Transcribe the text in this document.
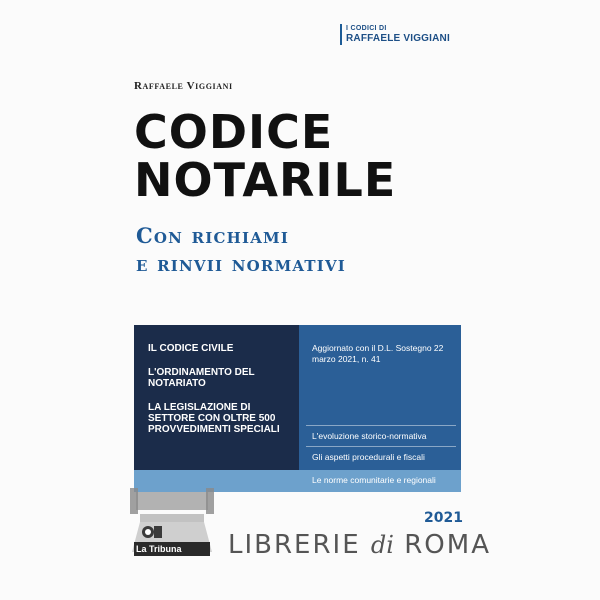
I CODICI DI
RAFFAELE VIGGIANI
Raffaele Viggiani
CODICE
NOTARILE
Con richiami
e rinvii normativi
IL CODICE CIVILE
L'ORDINAMENTO DEL NOTARIATO
LA LEGISLAZIONE DI SETTORE CON OLTRE 500 PROVVEDIMENTI SPECIALI
Aggiornato con il D.L. Sostegno 22 marzo 2021, n. 41
L'evoluzione storico-normativa
Gli aspetti procedurali e fiscali
Le norme comunitarie e regionali
2021
La Tribuna LIBRERIE di ROMA
